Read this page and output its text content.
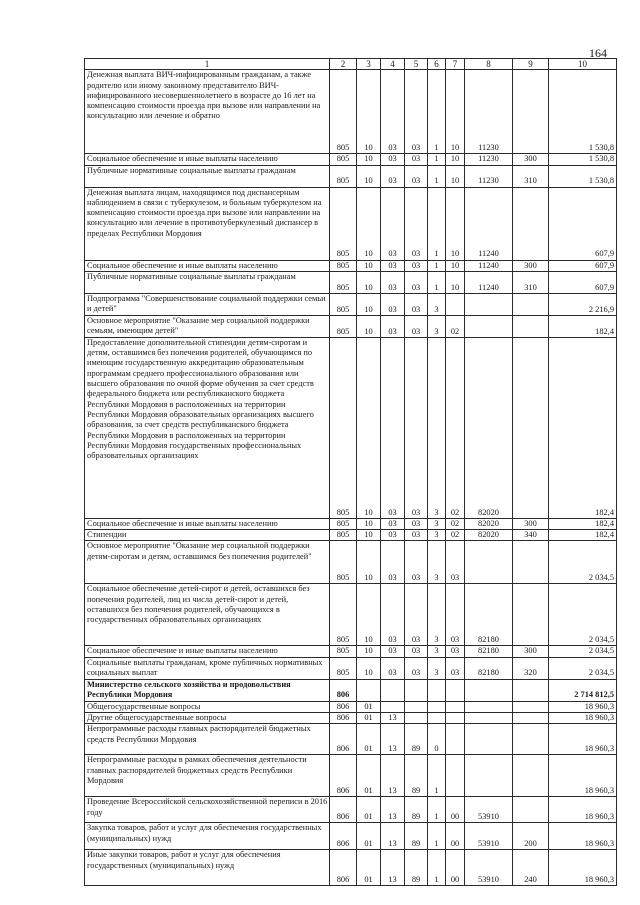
164
1	2	3	4	5	6	7	8	9	10
Денежная выплата ВИЧ-инфицированным гражданам, а также родителю или иному законному представителю ВИЧ-инфицированного несовершеннолетнего в возрасте до 16 лет на компенсацию стоимости проезда при вызове или направлении на консультацию или лечение и обратно	805	10	03	03	1	10	11230		1 530,8
Социальное обеспечение и иные выплаты населению	805	10	03	03	1	10	11230	300	1 530,8
Публичные нормативные социальные выплаты гражданам	805	10	03	03	1	10	11230	310	1 530,8
Денежная выплата лицам, находящимся под диспансерным наблюдением в связи с туберкулезом, и больным туберкулезом на компенсацию стоимости проезда при вызове или направлении на консультацию или лечение в противотуберкулезный диспансер в пределах Республики Мордовия	805	10	03	03	1	10	11240		607,9
Социальное обеспечение и иные выплаты населению	805	10	03	03	1	10	11240	300	607,9
Публичные нормативные социальные выплаты гражданам	805	10	03	03	1	10	11240	310	607,9
Подпрограмма "Совершенствование социальной поддержки семьи и детей"	805	10	03	03	3				2 216,9
Основное мероприятие "Оказание мер социальной поддержки семьям, имеющим детей"	805	10	03	03	3	02			182,4
Предоставление дополнительной стипендии детям-сиротам и детям, оставшимся без попечения родителей, обучающимся по имеющим государственную аккредитацию образовательным программам среднего профессионального образования или высшего образования по очной форме обучения за счет средств федерального бюджета или республиканского бюджета Республики Мордовия в расположенных на территории Республики Мордовия образовательных организациях высшего образования, за счет средств республиканского бюджета Республики Мордовия в расположенных на территории Республики Мордовия государственных профессиональных образовательных организациях	805	10	03	03	3	02	82020		182,4
Социальное обеспечение и иные выплаты населению	805	10	03	03	3	02	82020	300	182,4
Стипендии	805	10	03	03	3	02	82020	340	182,4
Основное мероприятие "Оказание мер социальной поддержки детям-сиротам и детям, оставшимся без попечения родителей"	805	10	03	03	3	03			2 034,5
Социальное обеспечение детей-сирот и детей, оставшихся без попечения родителей, лиц из числа детей-сирот и детей, оставшихся без попечения родителей, обучающихся в государственных образовательных организациях	805	10	03	03	3	03	82180		2 034,5
Социальное обеспечение и иные выплаты населению	805	10	03	03	3	03	82180	300	2 034,5
Социальные выплаты гражданам, кроме публичных нормативных социальных выплат	805	10	03	03	3	03	82180	320	2 034,5
Министерство сельского хозяйства и продовольствия Республики Мордовия	806								2 714 812,5
Общегосударственные вопросы	806	01							18 960,3
Другие общегосударственные вопросы	806	01	13						18 960,3
Непрограммные расходы главных распорядителей бюджетных средств Республики Мордовия	806	01	13	89	0				18 960,3
Непрограммные расходы в рамках обеспечения деятельности главных распорядителей бюджетных средств Республики Мордовия	806	01	13	89	1				18 960,3
Проведение Всероссийской сельскохозяйственной переписи в 2016 году	806	01	13	89	1	00	53910		18 960,3
Закупка товаров, работ и услуг для обеспечения государственных (муниципальных) нужд	806	01	13	89	1	00	53910	200	18 960,3
Иные закупки товаров, работ и услуг для обеспечения государственных (муниципальных) нужд	806	01	13	89	1	00	53910	240	18 960,3
